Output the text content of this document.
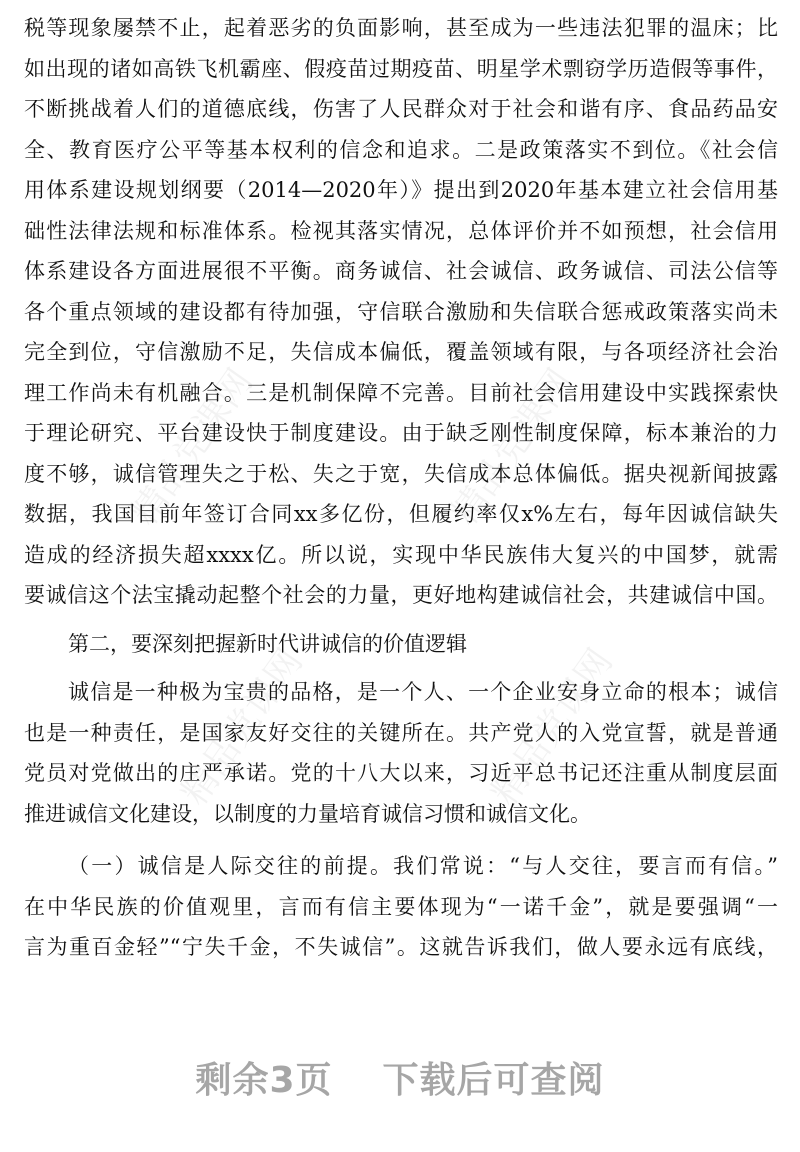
精品党课网	精品党课网
精品党课网	精品党课网
税等现象屡禁不止，起着恶劣的负面影响，甚至成为一些违法犯罪的温床；比
如出现的诸如高铁飞机霸座、假疫苗过期疫苗、明星学术剽窃学历造假等事件，
不断挑战着人们的道德底线，伤害了人民群众对于社会和谐有序、食品药品安
全、教育医疗公平等基本权利的信念和追求。二是政策落实不到位。《社会信
用体系建设规划纲要（2014—2020年）》提出到2020年基本建立社会信用基
础性法律法规和标准体系。检视其落实情况，总体评价并不如预想，社会信用
体系建设各方面进展很不平衡。商务诚信、社会诚信、政务诚信、司法公信等
各个重点领域的建设都有待加强，守信联合激励和失信联合惩戒政策落实尚未
完全到位，守信激励不足，失信成本偏低，覆盖领域有限，与各项经济社会治
理工作尚未有机融合。三是机制保障不完善。目前社会信用建设中实践探索快
于理论研究、平台建设快于制度建设。由于缺乏刚性制度保障，标本兼治的力
度不够，诚信管理失之于松、失之于宽，失信成本总体偏低。据央视新闻披露
数据，我国目前年签订合同xx多亿份，但履约率仅x%左右，每年因诚信缺失
造成的经济损失超xxxx亿。所以说，实现中华民族伟大复兴的中国梦，就需
要诚信这个法宝撬动起整个社会的力量，更好地构建诚信社会，共建诚信中国。
第二，要深刻把握新时代讲诚信的价值逻辑
诚信是一种极为宝贵的品格，是一个人、一个企业安身立命的根本；诚信
也是一种责任，是国家友好交往的关键所在。共产党人的入党宣誓，就是普通
党员对党做出的庄严承诺。党的十八大以来，习近平总书记还注重从制度层面
推进诚信文化建设，以制度的力量培育诚信习惯和诚信文化。
（一）诚信是人际交往的前提。我们常说：“与人交往，要言而有信。”
在中华民族的价值观里，言而有信主要体现为“一诺千金”，就是要强调“一
言为重百金轻”“宁失千金，不失诚信”。这就告诉我们，做人要永远有底线，
剩余3页 下载后可查阅
